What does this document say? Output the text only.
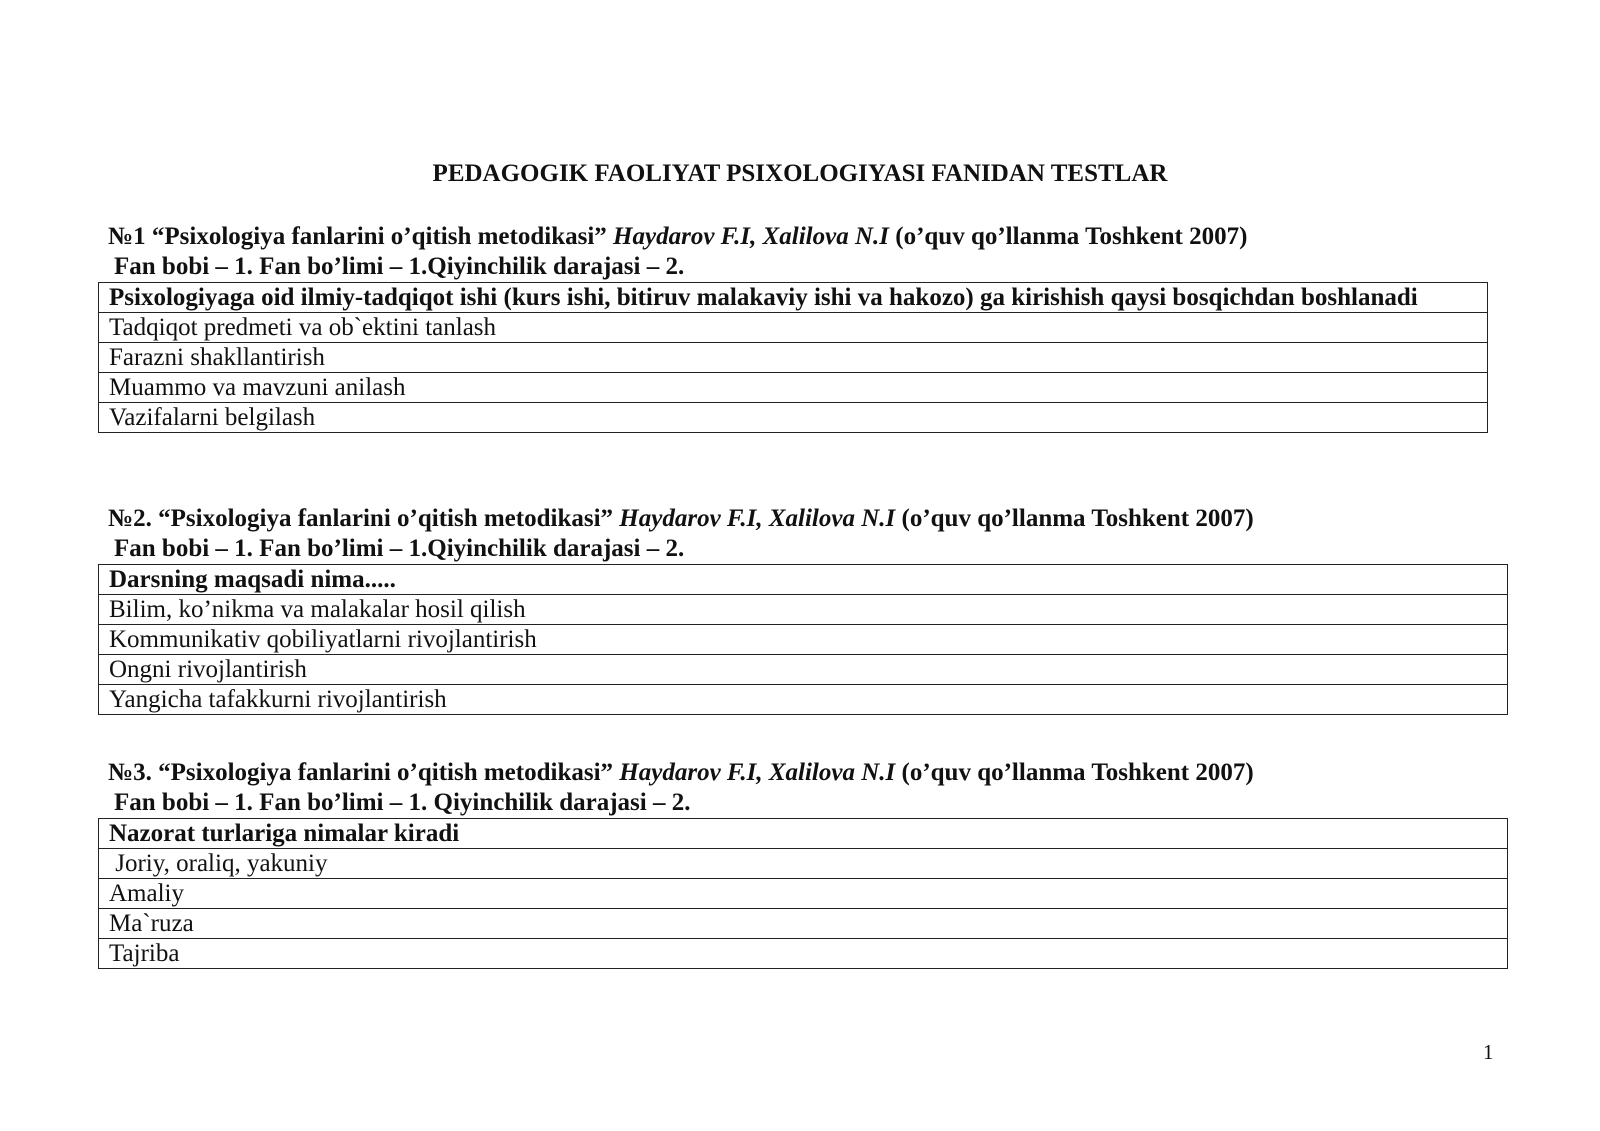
PEDAGOGIK FAOLIYAT PSIXOLOGIYASI FANIDAN TESTLAR
№1 “Psixologiya fanlarini o’qitish metodikasi” Haydarov F.I, Xalilova N.I (o’quv qo’llanma Toshkent 2007)
Fan bobi – 1. Fan bo’limi – 1.Qiyinchilik darajasi – 2.
Psixologiyaga oid ilmiy-tadqiqot ishi (kurs ishi, bitiruv malakaviy ishi va hakozo) ga kirishish qaysi bosqichdan boshlanadi
Tadqiqot predmeti va ob`ektini tanlash
Farazni shakllantirish
Muammo va mavzuni anilash
Vazifalarni belgilash
№2. “Psixologiya fanlarini o’qitish metodikasi” Haydarov F.I, Xalilova N.I (o’quv qo’llanma Toshkent 2007)
Fan bobi – 1. Fan bo’limi – 1.Qiyinchilik darajasi – 2.
Darsning maqsadi nima.....
Bilim, ko’nikma va malakalar hosil qilish
Kommunikativ qobiliyatlarni rivojlantirish
Ongni rivojlantirish
Yangicha tafakkurni rivojlantirish
№3. “Psixologiya fanlarini o’qitish metodikasi” Haydarov F.I, Xalilova N.I (o’quv qo’llanma Toshkent 2007)
Fan bobi – 1. Fan bo’limi – 1. Qiyinchilik darajasi – 2.
Nazorat turlariga nimalar kiradi
Joriy, oraliq, yakuniy
Amaliy
Ma`ruza
Tajriba
1
